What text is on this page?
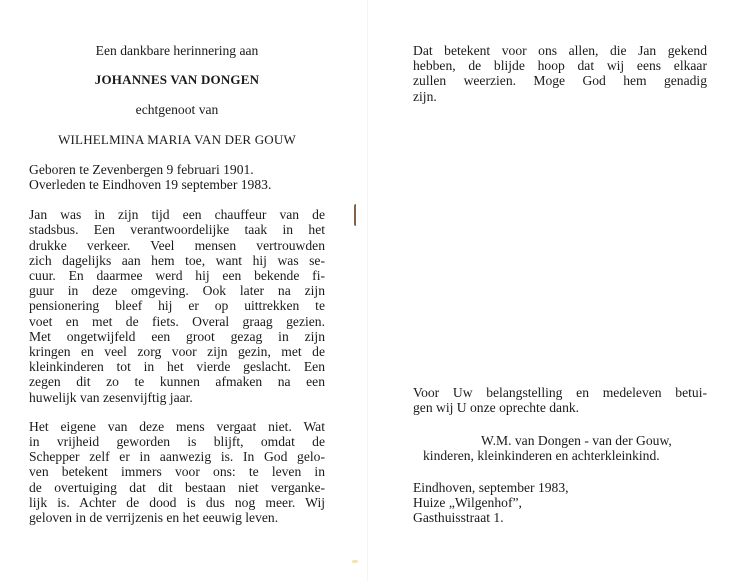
Een dankbare herinnering aan
JOHANNES VAN DONGEN
echtgenoot van
WILHELMINA MARIA VAN DER GOUW
Geboren te Zevenbergen 9 februari 1901.
Overleden te Eindhoven 19 september 1983.
Jan was in zijn tijd een chauffeur van de
stadsbus. Een verantwoordelijke taak in het
drukke verkeer. Veel mensen vertrouwden
zich dagelijks aan hem toe, want hij was se-
cuur. En daarmee werd hij een bekende fi-
guur in deze omgeving. Ook later na zijn
pensionering bleef hij er op uittrekken te
voet en met de fiets. Overal graag gezien.
Met ongetwijfeld een groot gezag in zijn
kringen en veel zorg voor zijn gezin, met de
kleinkinderen tot in het vierde geslacht. Een
zegen dit zo te kunnen afmaken na een
huwelijk van zesenvijftig jaar.
Het eigene van deze mens vergaat niet. Wat
in vrijheid geworden is blijft, omdat de
Schepper zelf er in aanwezig is. In God gelo-
ven betekent immers voor ons: te leven in
de overtuiging dat dit bestaan niet verganke-
lijk is. Achter de dood is dus nog meer. Wij
geloven in de verrijzenis en het eeuwig leven.
Dat betekent voor ons allen, die Jan gekend
hebben, de blijde hoop dat wij eens elkaar
zullen weerzien. Moge God hem genadig
zijn.
Voor Uw belangstelling en medeleven betui-
gen wij U onze oprechte dank.
W.M. van Dongen - van der Gouw,
kinderen, kleinkinderen en achterkleinkind.
Eindhoven, september 1983,
Huize „Wilgenhof”,
Gasthuisstraat 1.
